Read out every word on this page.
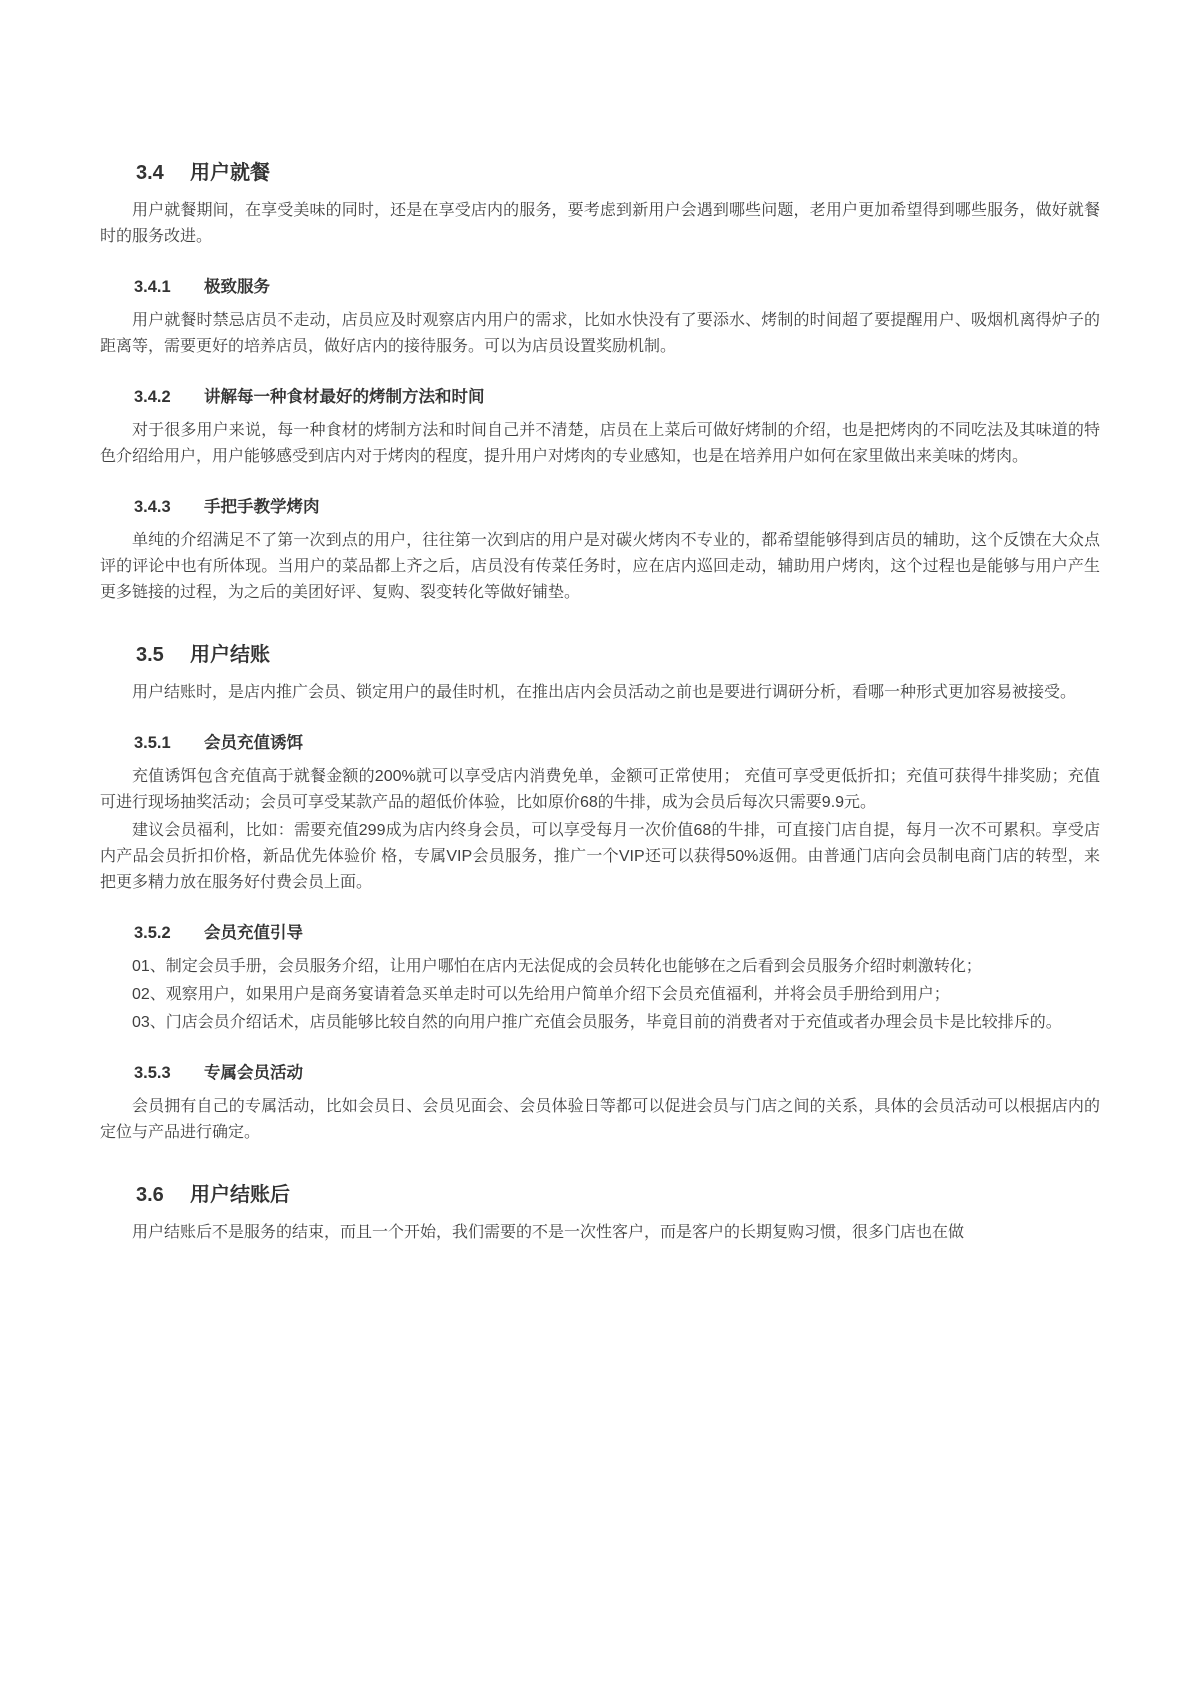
3.4 用户就餐

用户就餐期间，在享受美味的同时，还是在享受店内的服务，要考虑到新用户会遇到哪些问题，老用户更加希望得到哪些服务，做好就餐时的服务改进。

3.4.1 极致服务

用户就餐时禁忌店员不走动，店员应及时观察店内用户的需求，比如水快没有了要添水、烤制的时间超了要提醒用户、吸烟机离得炉子的距离等，需要更好的培养店员，做好店内的接待服务。可以为店员设置奖励机制。

3.4.2 讲解每一种食材最好的烤制方法和时间

对于很多用户来说，每一种食材的烤制方法和时间自己并不清楚，店员在上菜后可做好烤制的介绍，也是把烤肉的不同吃法及其味道的特色介绍给用户，用户能够感受到店内对于烤肉的程度，提升用户对烤肉的专业感知，也是在培养用户如何在家里做出来美味的烤肉。

3.4.3 手把手教学烤肉

单纯的介绍满足不了第一次到点的用户，往往第一次到店的用户是对碳火烤肉不专业的，都希望能够得到店员的辅助，这个反馈在大众点评的评论中也有所体现。当用户的菜品都上齐之后，店员没有传菜任务时，应在店内巡回走动，辅助用户烤肉，这个过程也是能够与用户产生更多链接的过程，为之后的美团好评、复购、裂变转化等做好铺垫。

3.5 用户结账

用户结账时，是店内推广会员、锁定用户的最佳时机，在推出店内会员活动之前也是要进行调研分析，看哪一种形式更加容易被接受。

3.5.1 会员充值诱饵

充值诱饵包含充值高于就餐金额的200%就可以享受店内消费免单，金额可正常使用； 充值可享受更低折扣；充值可获得牛排奖励；充值可进行现场抽奖活动；会员可享受某款产品的超低价体验，比如原价68的牛排，成为会员后每次只需要9.9元。

建议会员福利，比如：需要充值299成为店内终身会员，可以享受每月一次价值68的牛排，可直接门店自提，每月一次不可累积。享受店内产品会员折扣价格，新品优先体验价 格，专属VIP会员服务，推广一个VIP还可以获得50%返佣。由普通门店向会员制电商门店的转型，来把更多精力放在服务好付费会员上面。

3.5.2 会员充值引导

01、制定会员手册，会员服务介绍，让用户哪怕在店内无法促成的会员转化也能够在之后看到会员服务介绍时刺激转化；

02、观察用户，如果用户是商务宴请着急买单走时可以先给用户简单介绍下会员充值福利，并将会员手册给到用户；

03、门店会员介绍话术，店员能够比较自然的向用户推广充值会员服务，毕竟目前的消费者对于充值或者办理会员卡是比较排斥的。

3.5.3 专属会员活动

会员拥有自己的专属活动，比如会员日、会员见面会、会员体验日等都可以促进会员与门店之间的关系，具体的会员活动可以根据店内的定位与产品进行确定。

3.6 用户结账后

用户结账后不是服务的结束，而且一个开始，我们需要的不是一次性客户，而是客户的长期复购习惯，很多门店也在做
